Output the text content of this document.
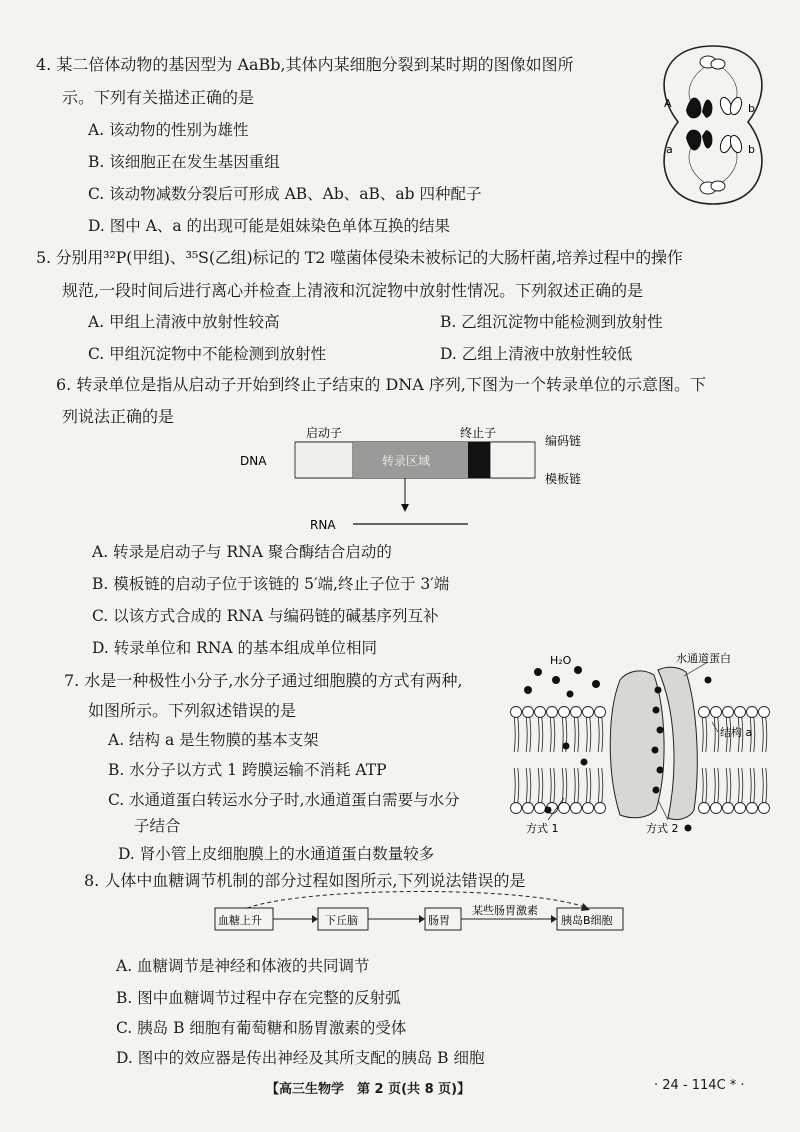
4. 某二倍体动物的基因型为 AaBb,其体内某细胞分裂到某时期的图像如图所
示。下列有关描述正确的是
A. 该动物的性别为雄性
B. 该细胞正在发生基因重组
C. 该动物减数分裂后可形成 AB、Ab、aB、ab 四种配子
D. 图中 A、a 的出现可能是姐妹染色单体互换的结果
A	b
a	b
5. 分别用³²P(甲组)、³⁵S(乙组)标记的 T2 噬菌体侵染未被标记的大肠杆菌,培养过程中的操作
规范,一段时间后进行离心并检查上清液和沉淀物中放射性情况。下列叙述正确的是
A. 甲组上清液中放射性较高	B. 乙组沉淀物中能检测到放射性
C. 甲组沉淀物中不能检测到放射性	D. 乙组上清液中放射性较低
6. 转录单位是指从启动子开始到终止子结束的 DNA 序列,下图为一个转录单位的示意图。下
列说法正确的是
启动子	终止子
编码链
模板链
DNA	转录区域
RNA
A. 转录是启动子与 RNA 聚合酶结合启动的
B. 模板链的启动子位于该链的 5′端,终止子位于 3′端
C. 以该方式合成的 RNA 与编码链的碱基序列互补
D. 转录单位和 RNA 的基本组成单位相同
7. 水是一种极性小分子,水分子通过细胞膜的方式有两种,
如图所示。下列叙述错误的是
A. 结构 a 是生物膜的基本支架
B. 水分子以方式 1 跨膜运输不消耗 ATP
C. 水通道蛋白转运水分子时,水通道蛋白需要与水分
子结合
D. 肾小管上皮细胞膜上的水通道蛋白数量较多
H₂O	水通道蛋白
结构 a
方式 1	方式 2
8. 人体中血糖调节机制的部分过程如图所示,下列说法错误的是
血糖上升	下丘脑	肠胃	胰岛B细胞
某些肠胃激素
A. 血糖调节是神经和体液的共同调节
B. 图中血糖调节过程中存在完整的反射弧
C. 胰岛 B 细胞有葡萄糖和肠胃激素的受体
D. 图中的效应器是传出神经及其所支配的胰岛 B 细胞
【高三生物学　第 2 页(共 8 页)】	· 24 - 114C * ·
